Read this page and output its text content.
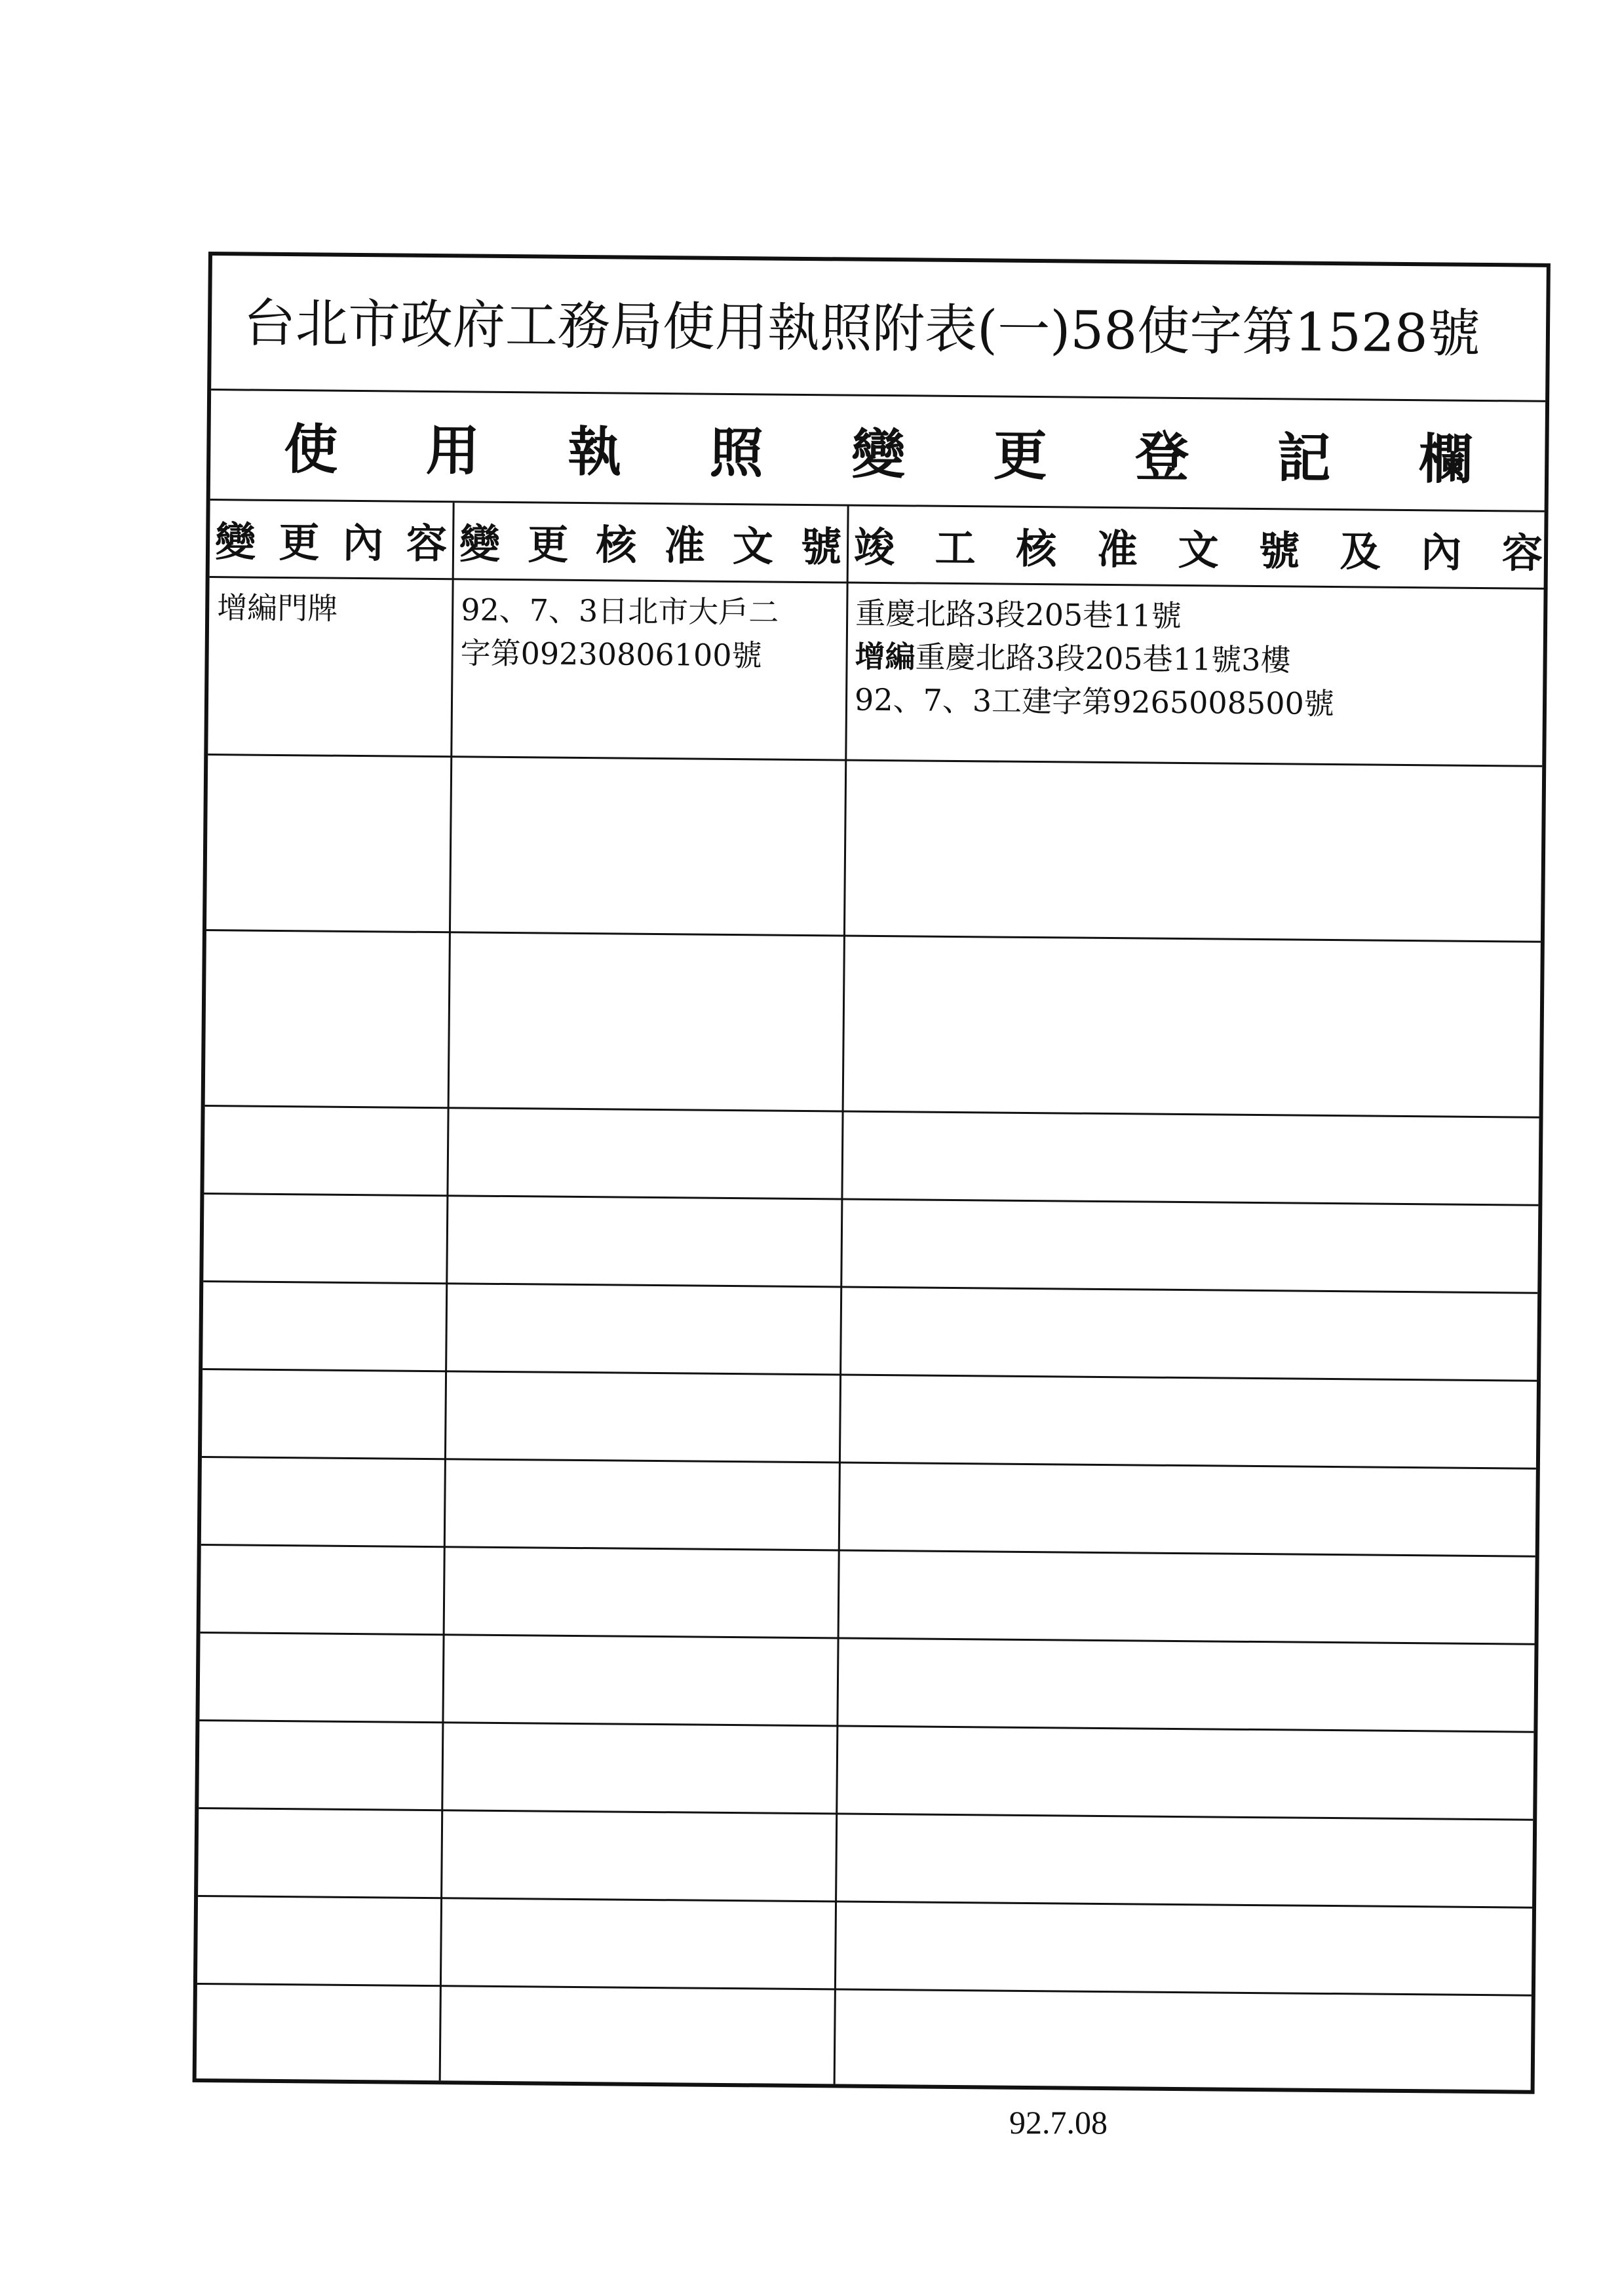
台北市政府工務局使用執照附表(一)58使字第1528號
使 用 執 照 變 更 登 記 欄
變 更 內 容 變 更 核 准 文 號 竣 工 核 准 文 號 及 內 容
增編門牌	92、7、3日北市大戶二
字第09230806100號
重慶北路3段205巷11號
增編重慶北路3段205巷11號3樓
92、7、3工建字第9265008500號
92.7.08
